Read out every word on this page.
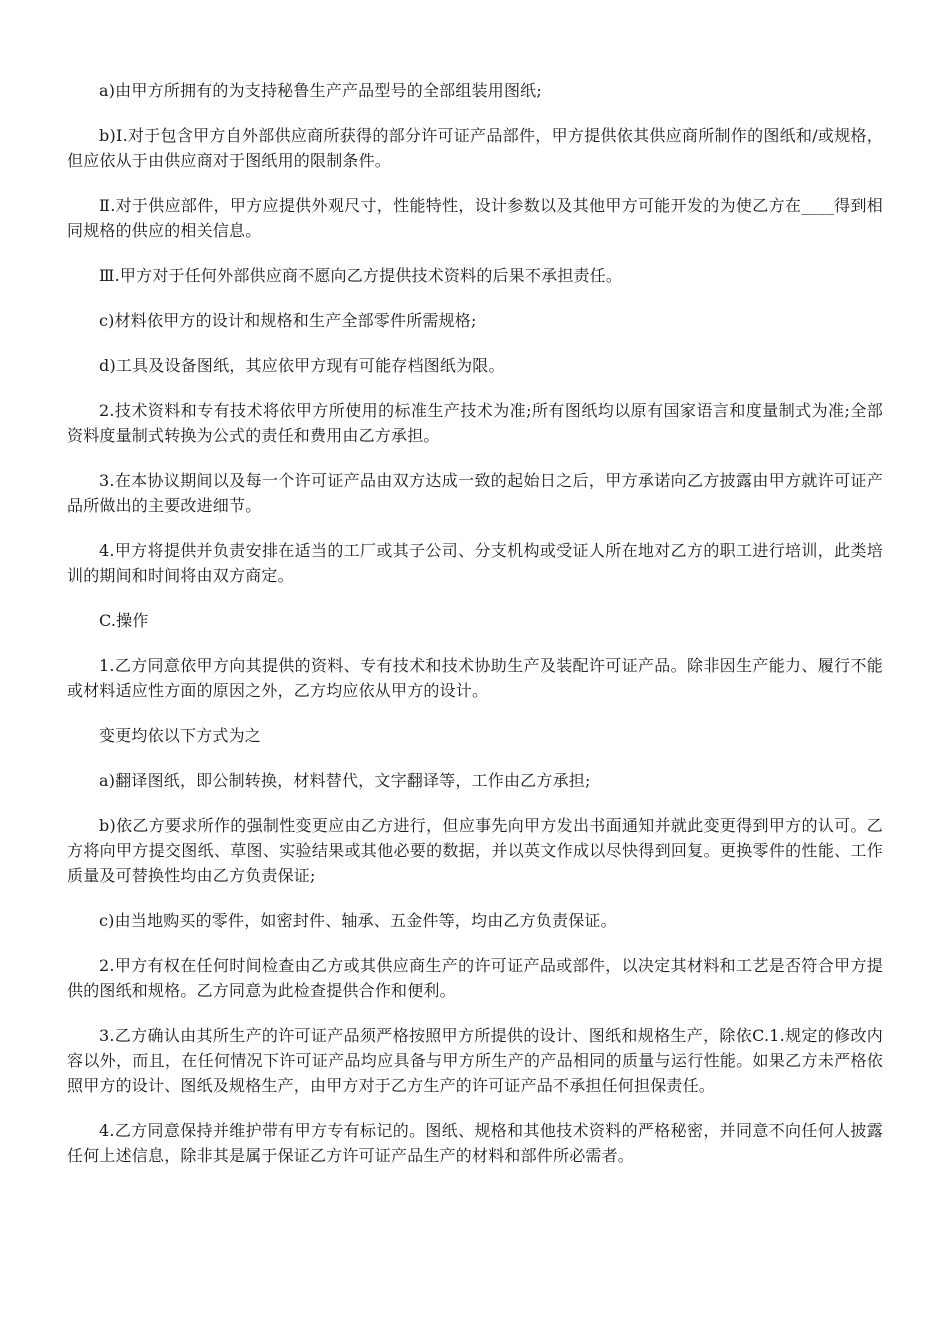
a)由甲方所拥有的为支持秘鲁生产产品型号的全部组装用图纸;

b)Ⅰ.对于包含甲方自外部供应商所获得的部分许可证产品部件，甲方提供依其供应商所制作的图纸和/或规格，但应依从于由供应商对于图纸用的限制条件。

Ⅱ.对于供应部件，甲方应提供外观尺寸，性能特性，设计参数以及其他甲方可能开发的为使乙方在____得到相同规格的供应的相关信息。

Ⅲ.甲方对于任何外部供应商不愿向乙方提供技术资料的后果不承担责任。

c)材料依甲方的设计和规格和生产全部零件所需规格;

d)工具及设备图纸，其应依甲方现有可能存档图纸为限。

2.技术资料和专有技术将依甲方所使用的标准生产技术为准;所有图纸均以原有国家语言和度量制式为准;全部资料度量制式转换为公式的责任和费用由乙方承担。

3.在本协议期间以及每一个许可证产品由双方达成一致的起始日之后，甲方承诺向乙方披露由甲方就许可证产品所做出的主要改进细节。

4.甲方将提供并负责安排在适当的工厂或其子公司、分支机构或受证人所在地对乙方的职工进行培训，此类培训的期间和时间将由双方商定。

C.操作

1.乙方同意依甲方向其提供的资料、专有技术和技术协助生产及装配许可证产品。除非因生产能力、履行不能或材料适应性方面的原因之外，乙方均应依从甲方的设计。

变更均依以下方式为之

a)翻译图纸，即公制转换，材料替代，文字翻译等，工作由乙方承担;

b)依乙方要求所作的强制性变更应由乙方进行，但应事先向甲方发出书面通知并就此变更得到甲方的认可。乙方将向甲方提交图纸、草图、实验结果或其他必要的数据，并以英文作成以尽快得到回复。更换零件的性能、工作质量及可替换性均由乙方负责保证;

c)由当地购买的零件，如密封件、轴承、五金件等，均由乙方负责保证。

2.甲方有权在任何时间检查由乙方或其供应商生产的许可证产品或部件，以决定其材料和工艺是否符合甲方提供的图纸和规格。乙方同意为此检查提供合作和便利。

3.乙方确认由其所生产的许可证产品须严格按照甲方所提供的设计、图纸和规格生产，除依C.1.规定的修改内容以外，而且，在任何情况下许可证产品均应具备与甲方所生产的产品相同的质量与运行性能。如果乙方未严格依照甲方的设计、图纸及规格生产，由甲方对于乙方生产的许可证产品不承担任何担保责任。

4.乙方同意保持并维护带有甲方专有标记的。图纸、规格和其他技术资料的严格秘密，并同意不向任何人披露任何上述信息，除非其是属于保证乙方许可证产品生产的材料和部件所必需者。
